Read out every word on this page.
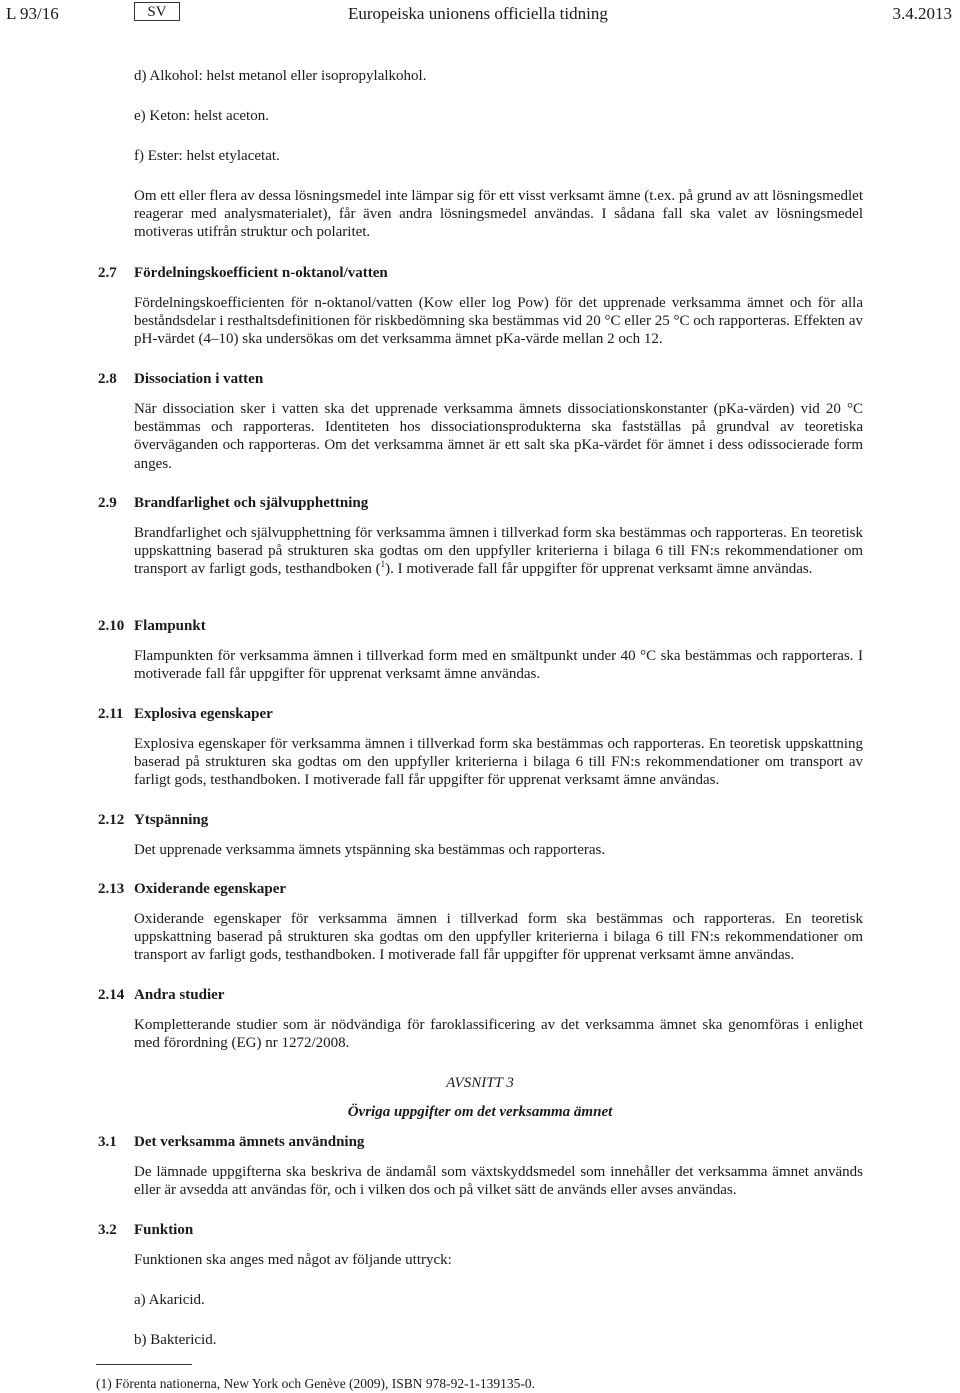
L 93/16	SV	Europeiska unionens officiella tidning	3.4.2013
d) Alkohol: helst metanol eller isopropylalkohol.
e) Keton: helst aceton.
f) Ester: helst etylacetat.
Om ett eller flera av dessa lösningsmedel inte lämpar sig för ett visst verksamt ämne (t.ex. på grund av att lösningsmedlet reagerar med analysmaterialet), får även andra lösningsmedel användas. I sådana fall ska valet av lösningsmedel motiveras utifrån struktur och polaritet.
2.7 Fördelningskoefficient n-oktanol/vatten
Fördelningskoefficienten för n-oktanol/vatten (Kow eller log Pow) för det upprenade verksamma ämnet och för alla beståndsdelar i resthaltsdefinitionen för riskbedömning ska bestämmas vid 20 °C eller 25 °C och rapporteras. Effekten av pH-värdet (4–10) ska undersökas om det verksamma ämnet pKa-värde mellan 2 och 12.
2.8 Dissociation i vatten
När dissociation sker i vatten ska det upprenade verksamma ämnets dissociationskonstanter (pKa-värden) vid 20 °C bestämmas och rapporteras. Identiteten hos dissociationsprodukterna ska fastställas på grundval av teoretiska överväganden och rapporteras. Om det verksamma ämnet är ett salt ska pKa-värdet för ämnet i dess odissocierade form anges.
2.9 Brandfarlighet och självupphettning
Brandfarlighet och självupphettning för verksamma ämnen i tillverkad form ska bestämmas och rapporteras. En teoretisk uppskattning baserad på strukturen ska godtas om den uppfyller kriterierna i bilaga 6 till FN:s rekommendationer om transport av farligt gods, testhandboken ($^1$). I motiverade fall får uppgifter för upprenat verksamt ämne användas.
2.10 Flampunkt
Flampunkten för verksamma ämnen i tillverkad form med en smältpunkt under 40 °C ska bestämmas och rapporteras. I motiverade fall får uppgifter för upprenat verksamt ämne användas.
2.11 Explosiva egenskaper
Explosiva egenskaper för verksamma ämnen i tillverkad form ska bestämmas och rapporteras. En teoretisk uppskattning baserad på strukturen ska godtas om den uppfyller kriterierna i bilaga 6 till FN:s rekommendationer om transport av farligt gods, testhandboken. I motiverade fall får uppgifter för upprenat verksamt ämne användas.
2.12 Ytspänning
Det upprenade verksamma ämnets ytspänning ska bestämmas och rapporteras.
2.13 Oxiderande egenskaper
Oxiderande egenskaper för verksamma ämnen i tillverkad form ska bestämmas och rapporteras. En teoretisk uppskattning baserad på strukturen ska godtas om den uppfyller kriterierna i bilaga 6 till FN:s rekommendationer om transport av farligt gods, testhandboken. I motiverade fall får uppgifter för upprenat verksamt ämne användas.
2.14 Andra studier
Kompletterande studier som är nödvändiga för faroklassificering av det verksamma ämnet ska genomföras i enlighet med förordning (EG) nr 1272/2008.
AVSNITT 3
Övriga uppgifter om det verksamma ämnet
3.1 Det verksamma ämnets användning
De lämnade uppgifterna ska beskriva de ändamål som växtskyddsmedel som innehåller det verksamma ämnet används eller är avsedda att användas för, och i vilken dos och på vilket sätt de används eller avses användas.
3.2 Funktion
Funktionen ska anges med något av följande uttryck:
a) Akaricid.
b) Baktericid.
(1) Förenta nationerna, New York och Genève (2009), ISBN 978-92-1-139135-0.
